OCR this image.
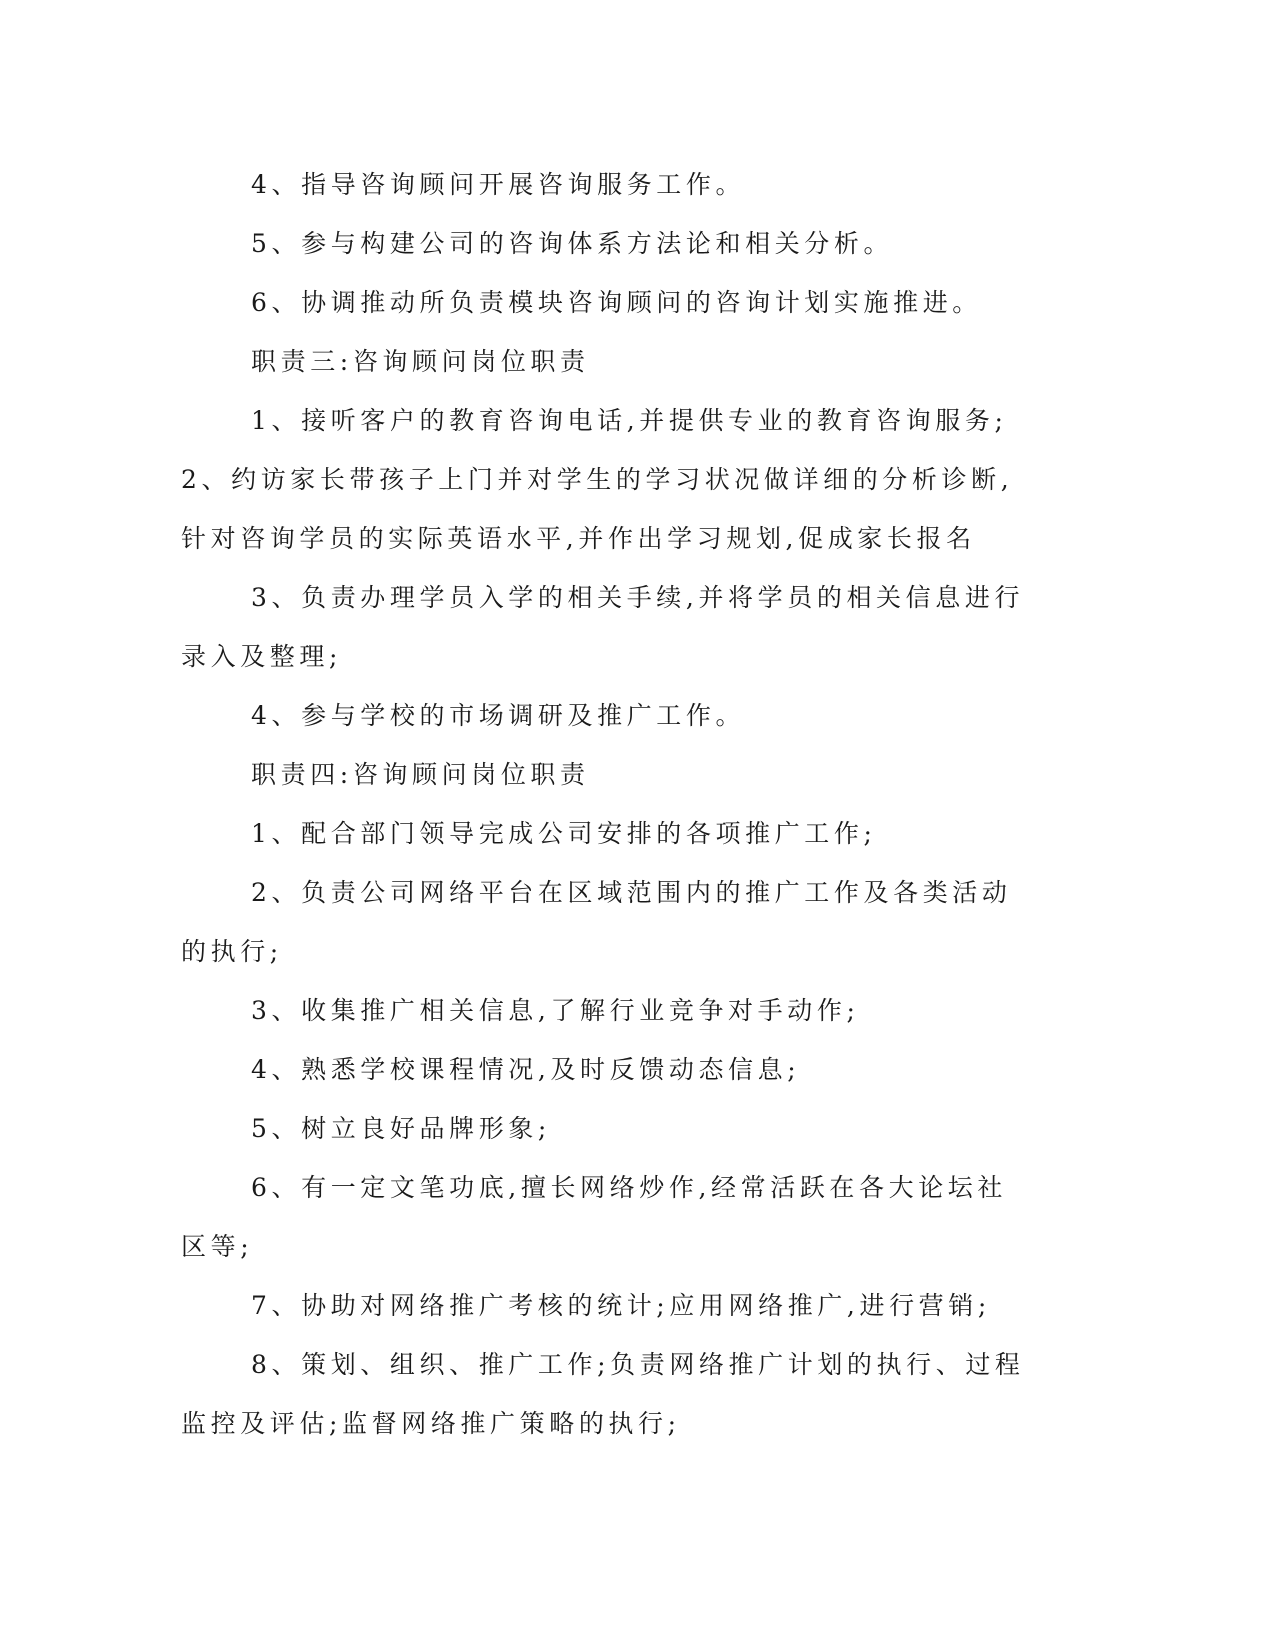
4、指导咨询顾问开展咨询服务工作。

5、参与构建公司的咨询体系方法论和相关分析。

6、协调推动所负责模块咨询顾问的咨询计划实施推进。

职责三:咨询顾问岗位职责

1、接听客户的教育咨询电话,并提供专业的教育咨询服务;2、约访家长带孩子上门并对学生的学习状况做详细的分析诊断,针对咨询学员的实际英语水平,并作出学习规划,促成家长报名

3、负责办理学员入学的相关手续,并将学员的相关信息进行录入及整理;

4、参与学校的市场调研及推广工作。

职责四:咨询顾问岗位职责

1、配合部门领导完成公司安排的各项推广工作;

2、负责公司网络平台在区域范围内的推广工作及各类活动的执行;

3、收集推广相关信息,了解行业竞争对手动作;

4、熟悉学校课程情况,及时反馈动态信息;

5、树立良好品牌形象;

6、有一定文笔功底,擅长网络炒作,经常活跃在各大论坛社区等;

7、协助对网络推广考核的统计;应用网络推广,进行营销;

8、策划、组织、推广工作;负责网络推广计划的执行、过程监控及评估;监督网络推广策略的执行;
